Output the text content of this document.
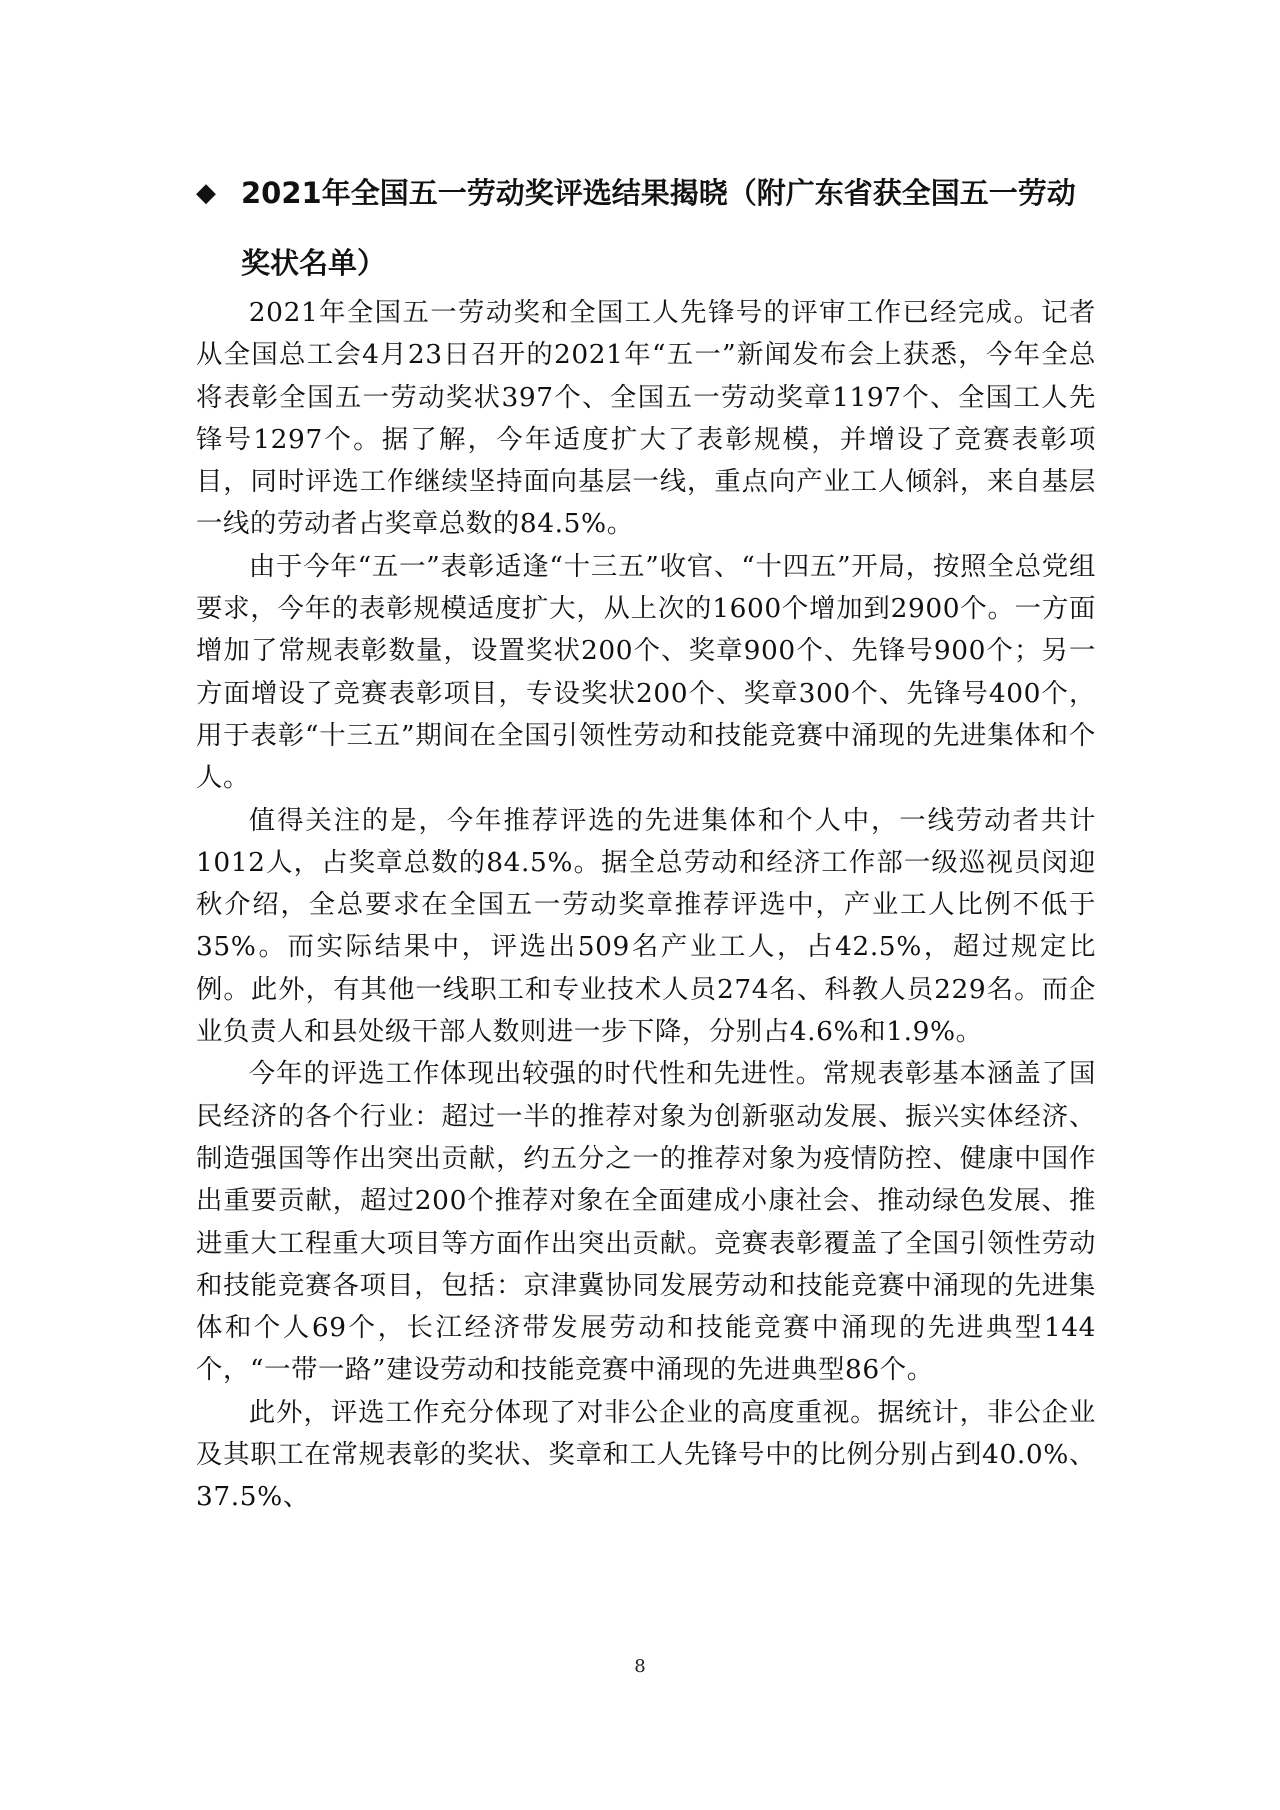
◆ 2021年全国五一劳动奖评选结果揭晓（附广东省获全国五一劳动奖状名单）

2021年全国五一劳动奖和全国工人先锋号的评审工作已经完成。记者从全国总工会4月23日召开的2021年“五一”新闻发布会上获悉，今年全总将表彰全国五一劳动奖状397个、全国五一劳动奖章1197个、全国工人先锋号1297个。据了解，今年适度扩大了表彰规模，并增设了竞赛表彰项目，同时评选工作继续坚持面向基层一线，重点向产业工人倾斜，来自基层一线的劳动者占奖章总数的84.5%。

由于今年“五一”表彰适逢“十三五”收官、“十四五”开局，按照全总党组要求，今年的表彰规模适度扩大，从上次的1600个增加到2900个。一方面增加了常规表彰数量，设置奖状200个、奖章900个、先锋号900个；另一方面增设了竞赛表彰项目，专设奖状200个、奖章300个、先锋号400个，用于表彰“十三五”期间在全国引领性劳动和技能竞赛中涌现的先进集体和个人。

值得关注的是，今年推荐评选的先进集体和个人中，一线劳动者共计1012人，占奖章总数的84.5%。据全总劳动和经济工作部一级巡视员闵迎秋介绍，全总要求在全国五一劳动奖章推荐评选中，产业工人比例不低于35%。而实际结果中，评选出509名产业工人，占42.5%，超过规定比例。此外，有其他一线职工和专业技术人员274名、科教人员229名。而企业负责人和县处级干部人数则进一步下降，分别占4.6%和1.9%。

今年的评选工作体现出较强的时代性和先进性。常规表彰基本涵盖了国民经济的各个行业：超过一半的推荐对象为创新驱动发展、振兴实体经济、制造强国等作出突出贡献，约五分之一的推荐对象为疫情防控、健康中国作出重要贡献，超过200个推荐对象在全面建成小康社会、推动绿色发展、推进重大工程重大项目等方面作出突出贡献。竞赛表彰覆盖了全国引领性劳动和技能竞赛各项目，包括：京津冀协同发展劳动和技能竞赛中涌现的先进集体和个人69个，长江经济带发展劳动和技能竞赛中涌现的先进典型144个，“一带一路”建设劳动和技能竞赛中涌现的先进典型86个。

此外，评选工作充分体现了对非公企业的高度重视。据统计，非公企业及其职工在常规表彰的奖状、奖章和工人先锋号中的比例分别占到40.0%、37.5%、

8
